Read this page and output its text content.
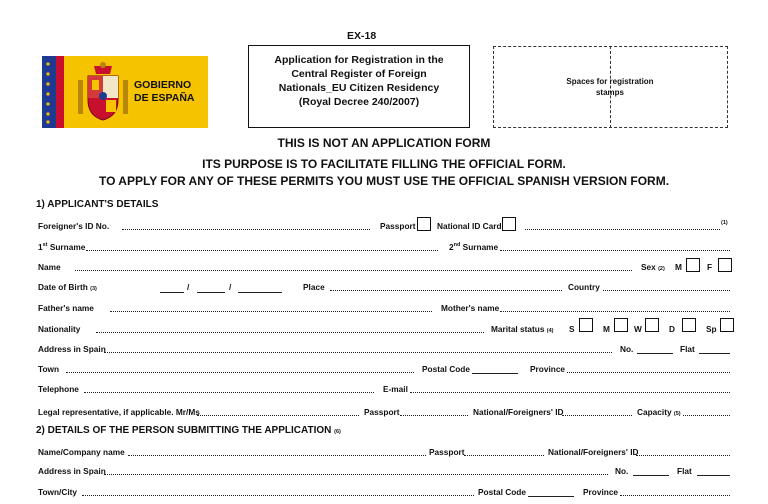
GOBIERNO
DE ESPAÑA
EX-18
Application for Registration in the
Central Register of Foreign
Nationals_EU Citizen Residency
(Royal Decree 240/2007)
Spaces for registration
stamps
THIS IS NOT AN APPLICATION FORM
ITS PURPOSE IS TO FACILITATE FILLING THE OFFICIAL FORM.
TO APPLY FOR ANY OF THESE PERMITS YOU MUST USE THE OFFICIAL SPANISH VERSION FORM.
1) APPLICANT'S DETAILS
Foreigner's ID No.	Passport	National ID Card	(1)
1st Surname	2nd Surname
Name	Sex (2) M	F
Date of Birth (3)	/	/	Place	Country
Father's name	Mother's name
Nationality	Marital status (4) S	M	W	D	Sp
Address in Spain	No.	Flat
Town	Postal Code	Province
Telephone	E-mail
Legal representative, if applicable. Mr/Ms	Passport	National/Foreigners' ID	Capacity (5)
2) DETAILS OF THE PERSON SUBMITTING THE APPLICATION (6)
Name/Company name	Passport	National/Foreigners' ID
Address in Spain	No.	Flat
Town/City	Postal Code	Province
